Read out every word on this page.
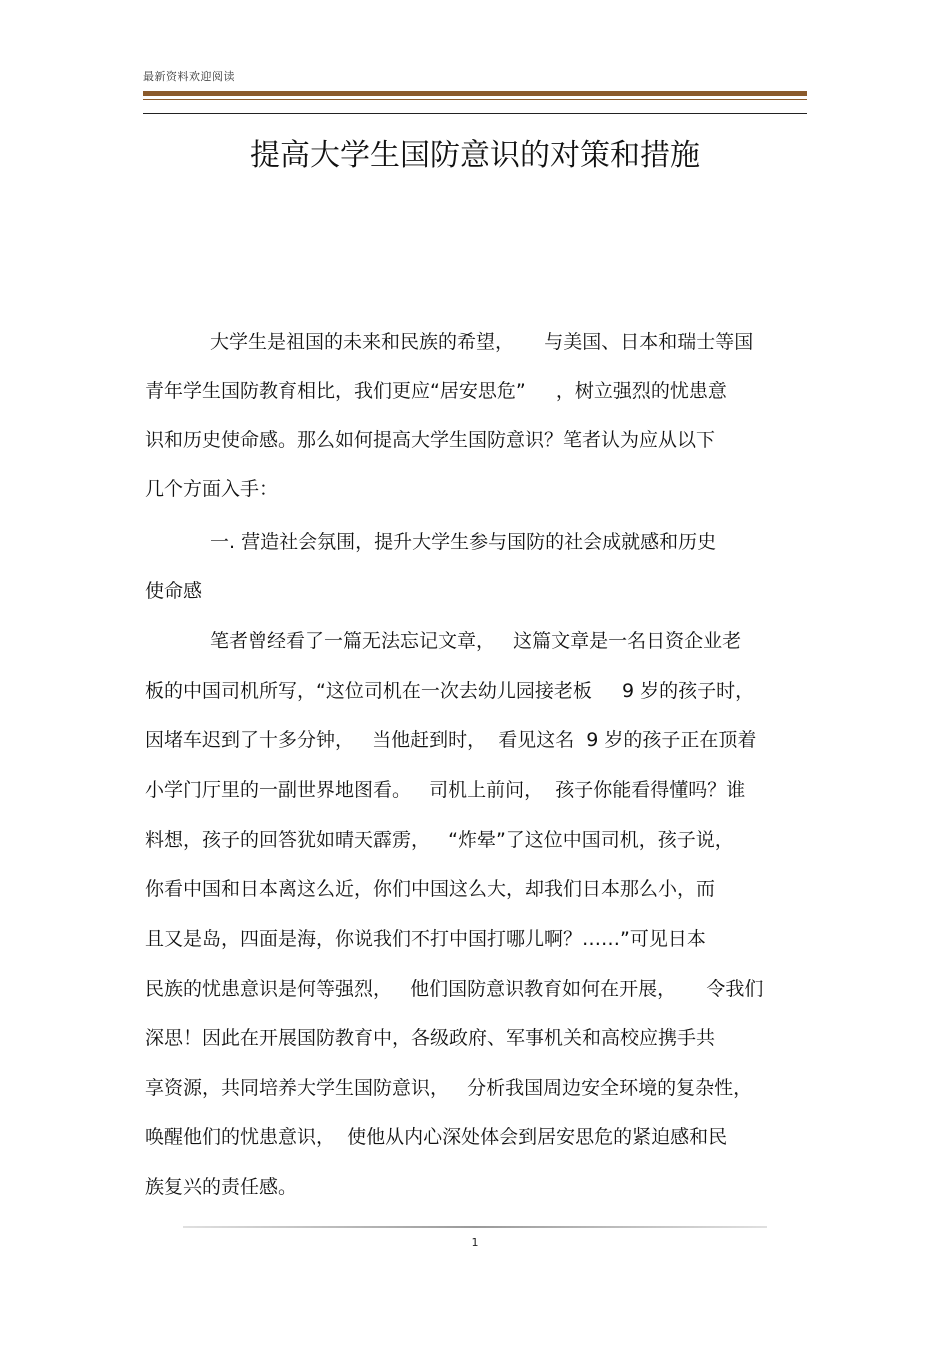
最新资料欢迎阅读
提高大学生国防意识的对策和措施
大学生是祖国的未来和民族的希望，     与美国、日本和瑞士等国
青年学生国防教育相比，我们更应“居安思危”     ，树立强烈的忧患意
识和历史使命感。那么如何提高大学生国防意识？笔者认为应从以下
几个方面入手：
一. 营造社会氛围，提升大学生参与国防的社会成就感和历史
使命感
笔者曾经看了一篇无法忘记文章，   这篇文章是一名日资企业老
板的中国司机所写，“这位司机在一次去幼儿园接老板     9 岁的孩子时，
因堵车迟到了十多分钟，   当他赶到时，  看见这名  9 岁的孩子正在顶着
小学门厅里的一副世界地图看。   司机上前问，  孩子你能看得懂吗？谁
料想，孩子的回答犹如晴天霹雳，   “炸晕”了这位中国司机，孩子说，
你看中国和日本离这么近，你们中国这么大，却我们日本那么小，而
且又是岛，四面是海，你说我们不打中国打哪儿啊？……”可见日本
民族的忧患意识是何等强烈，   他们国防意识教育如何在开展，     令我们
深思！因此在开展国防教育中，各级政府、军事机关和高校应携手共
享资源，共同培养大学生国防意识，   分析我国周边安全环境的复杂性，
唤醒他们的忧患意识，  使他从内心深处体会到居安思危的紧迫感和民
族复兴的责任感。
1
